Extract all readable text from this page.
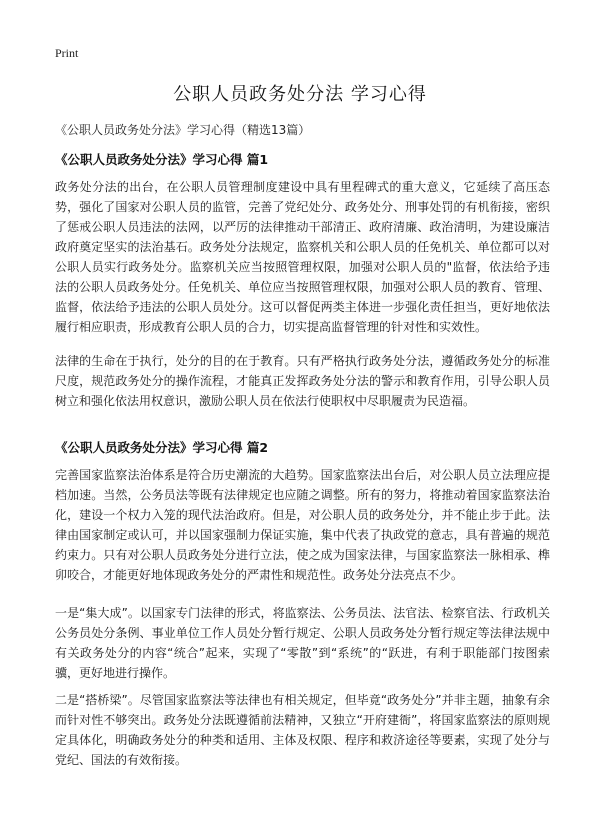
Print
公职人员政务处分法 学习心得
《公职人员政务处分法》学习心得（精选13篇）
《公职人员政务处分法》学习心得 篇1

政务处分法的出台，在公职人员管理制度建设中具有里程碑式的重大意义，它延续了高压态势，强化了国家对公职人员的监管，完善了党纪处分、政务处分、刑事处罚的有机衔接，密织了惩戒公职人员违法的法网，以严厉的法律推动干部清正、政府清廉、政治清明，为建设廉洁政府奠定坚实的法治基石。政务处分法规定，监察机关和公职人员的任免机关、单位都可以对公职人员实行政务处分。监察机关应当按照管理权限，加强对公职人员的"监督，依法给予违法的公职人员政务处分。任免机关、单位应当按照管理权限，加强对公职人员的教育、管理、监督，依法给予违法的公职人员处分。这可以督促两类主体进一步强化责任担当，更好地依法履行相应职责，形成教育公职人员的合力，切实提高监督管理的针对性和实效性。

法律的生命在于执行，处分的目的在于教育。只有严格执行政务处分法，遵循政务处分的标准尺度，规范政务处分的操作流程，才能真正发挥政务处分法的警示和教育作用，引导公职人员树立和强化依法用权意识，激励公职人员在依法行使职权中尽职履责为民造福。

《公职人员政务处分法》学习心得 篇2

完善国家监察法治体系是符合历史潮流的大趋势。国家监察法出台后，对公职人员立法理应提档加速。当然，公务员法等既有法律规定也应随之调整。所有的努力，将推动着国家监察法治化，建设一个权力入笼的现代法治政府。但是，对公职人员的政务处分，并不能止步于此。法律由国家制定或认可，并以国家强制力保证实施，集中代表了执政党的意志，具有普遍的规范约束力。只有对公职人员政务处分进行立法，使之成为国家法律，与国家监察法一脉相承、榫卯咬合，才能更好地体现政务处分的严肃性和规范性。政务处分法亮点不少。

一是“集大成”。以国家专门法律的形式，将监察法、公务员法、法官法、检察官法、行政机关公务员处分条例、事业单位工作人员处分暂行规定、公职人员政务处分暂行规定等法律法规中有关政务处分的内容“统合”起来，实现了“零散”到“系统”的“跃进，有利于职能部门按图索骥，更好地进行操作。

二是“搭桥梁”。尽管国家监察法等法律也有相关规定，但毕竟“政务处分”并非主题，抽象有余而针对性不够突出。政务处分法既遵循前法精神，又独立“开府建衙”，将国家监察法的原则规定具体化，明确政务处分的种类和适用、主体及权限、程序和救济途径等要素，实现了处分与党纪、国法的有效衔接。
